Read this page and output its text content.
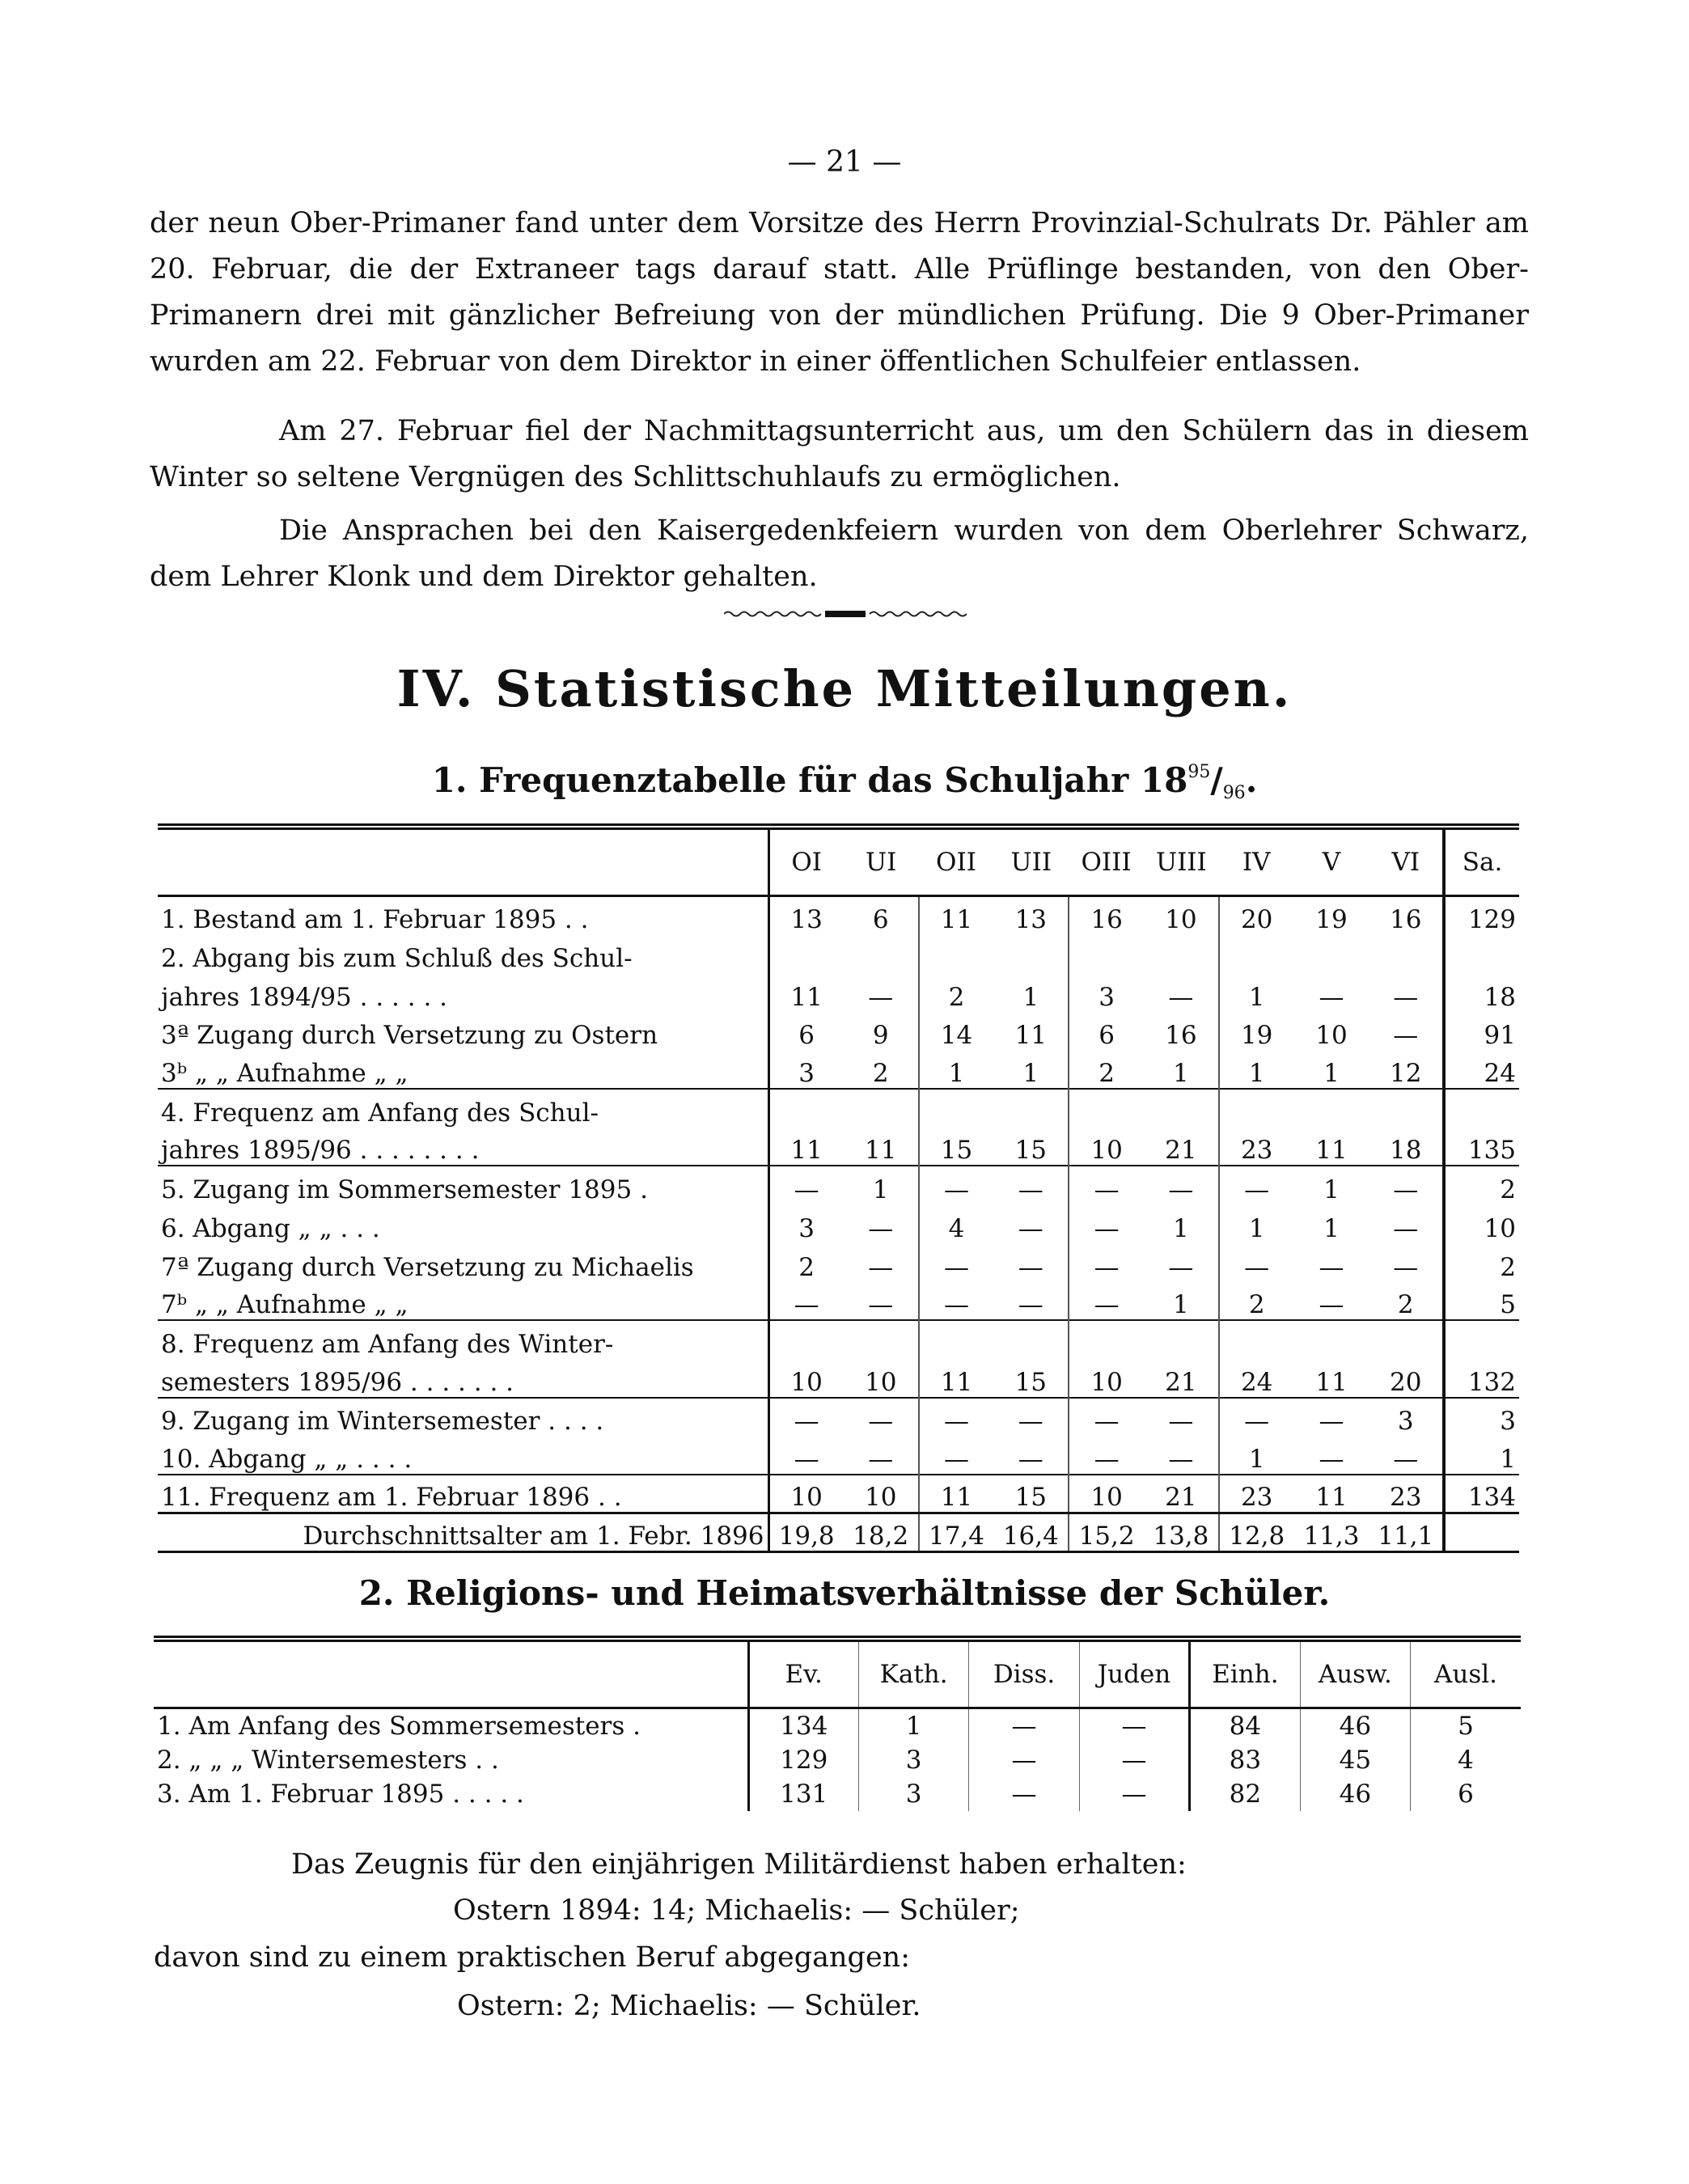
— 21 —

der neun Ober-Primaner fand unter dem Vorsitze des Herrn Provinzial-Schulrats Dr. Pähler am 20. Februar, die der Extraneer tags darauf statt. Alle Prüflinge bestanden, von den Ober-Primanern drei mit gänzlicher Befreiung von der mündlichen Prüfung. Die 9 Ober-Primaner wurden am 22. Februar von dem Direktor in einer öffentlichen Schulfeier entlassen.

Am 27. Februar fiel der Nachmittagsunterricht aus, um den Schülern das in diesem Winter so seltene Vergnügen des Schlittschuhlaufs zu ermöglichen.

Die Ansprachen bei den Kaisergedenkfeiern wurden von dem Oberlehrer Schwarz, dem Lehrer Klonk und dem Direktor gehalten.

IV. Statistische Mitteilungen.
1. Frequenztabelle für das Schuljahr $18^{95}/_{96}$.
	OI	UI	OII	UII	OIII	UIII	IV	V	VI	Sa.
1. Bestand am 1. Februar 1895 . .	13	6	11	13	16	10	20	19	16	129
2. Abgang bis zum Schluß des Schul-										
jahres 1894/95 . . . . . .	11	—	2	1	3	—	1	—	—	18
3ª Zugang durch Versetzung zu Ostern	6	9	14	11	6	16	19	10	—	91
3ᵇ „ „ Aufnahme „ „	3	2	1	1	2	1	1	1	12	24
4. Frequenz am Anfang des Schul-										
jahres 1895/96 . . . . . . . .	11	11	15	15	10	21	23	11	18	135
5. Zugang im Sommersemester 1895 .	—	1	—	—	—	—	—	1	—	2
6. Abgang „ „ . . .	3	—	4	—	—	1	1	1	—	10
7ª Zugang durch Versetzung zu Michaelis	2	—	—	—	—	—	—	—	—	2
7ᵇ „ „ Aufnahme „ „	—	—	—	—	—	1	2	—	2	5
8. Frequenz am Anfang des Winter-										
semesters 1895/96 . . . . . . .	10	10	11	15	10	21	24	11	20	132
9. Zugang im Wintersemester . . . .	—	—	—	—	—	—	—	—	3	3
10. Abgang „ „ . . . .	—	—	—	—	—	—	1	—	—	1
11. Frequenz am 1. Februar 1896 . .	10	10	11	15	10	21	23	11	23	134
Durchschnittsalter am 1. Febr. 1896	19,8	18,2	17,4	16,4	15,2	13,8	12,8	11,3	11,1	
2. Religions- und Heimatsverhältnisse der Schüler.
	Ev.	Kath.	Diss.	Juden	Einh.	Ausw.	Ausl.
1. Am Anfang des Sommersemesters .	134	1	—	—	84	46	5
2. „ „ „ Wintersemesters . .	129	3	—	—	83	45	4
3. Am 1. Februar 1895 . . . . .	131	3	—	—	82	46	6
Das Zeugnis für den einjährigen Militärdienst haben erhalten:
Ostern 1894: 14; Michaelis: — Schüler;
davon sind zu einem praktischen Beruf abgegangen:
Ostern: 2; Michaelis: — Schüler.
